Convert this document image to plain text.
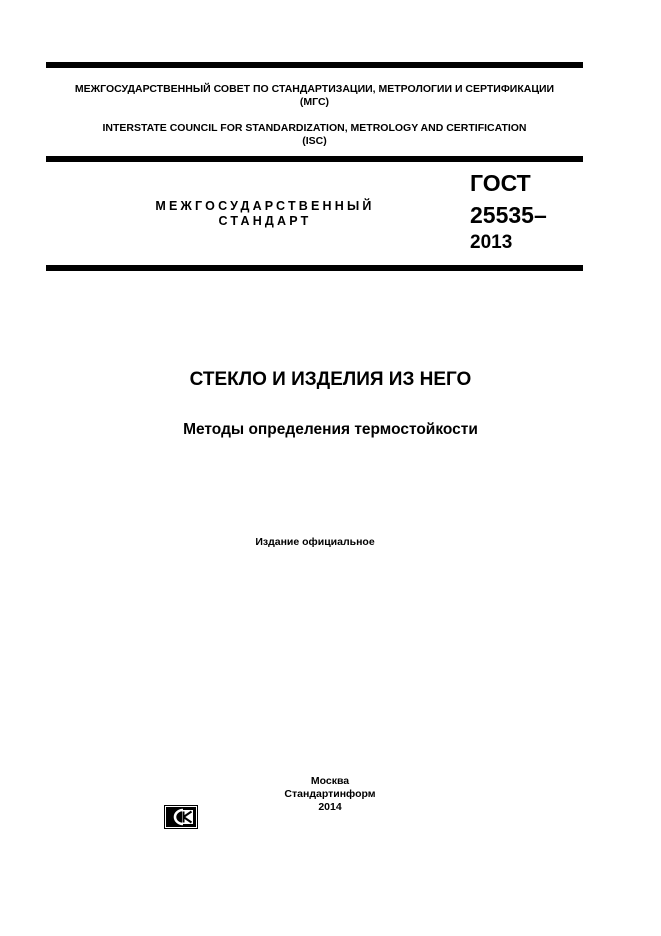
МЕЖГОСУДАРСТВЕННЫЙ СОВЕТ ПО СТАНДАРТИЗАЦИИ, МЕТРОЛОГИИ И СЕРТИФИКАЦИИ
(МГС)
INTERSTATE COUNCIL FOR STANDARDIZATION, METROLOGY AND CERTIFICATION
(ISC)
МЕЖГОСУДАРСТВЕННЫЙ
СТАНДАРТ
ГОСТ
25535–
2013
СТЕКЛО И ИЗДЕЛИЯ ИЗ НЕГО
Методы определения термостойкости
Издание официальное
Москва
Стандартинформ
2014
